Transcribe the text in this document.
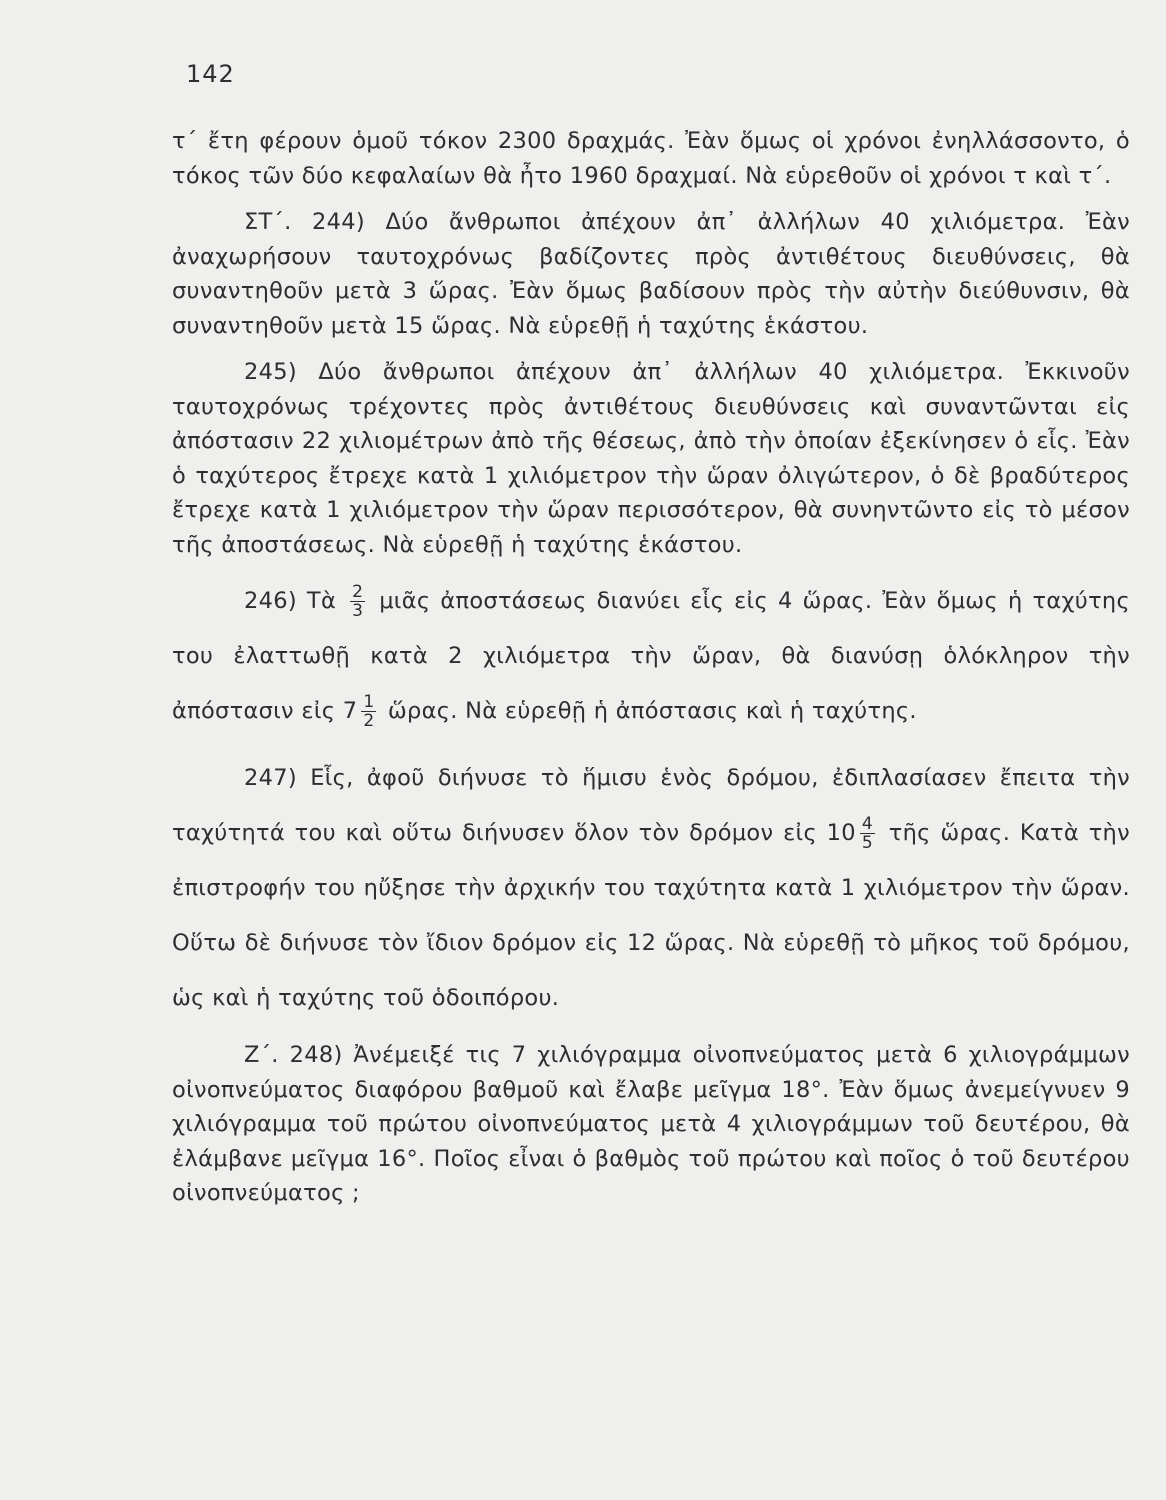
142

τ΄ ἔτη φέρουν ὁμοῦ τόκον 2300 δραχμάς. Ἐὰν ὅμως οἱ χρόνοι ἐνηλλάσσοντο, ὁ τόκος τῶν δύο κεφαλαίων θὰ ἦτο 1960 δραχμαί. Νὰ εὑρεθοῦν οἱ χρόνοι τ καὶ τ΄.

ΣΤ΄. 244) Δύο ἄνθρωποι ἀπέχουν ἀπ᾽ ἀλλήλων 40 χιλιόμετρα. Ἐὰν ἀναχωρήσουν ταυτοχρόνως βαδίζοντες πρὸς ἀντιθέτους διευθύνσεις, θὰ συναντηθοῦν μετὰ 3 ὥρας. Ἐὰν ὅμως βαδίσουν πρὸς τὴν αὐτὴν διεύθυνσιν, θὰ συναντηθοῦν μετὰ 15 ὥρας. Νὰ εὑρεθῇ ἡ ταχύτης ἑκάστου.

245) Δύο ἄνθρωποι ἀπέχουν ἀπ᾽ ἀλλήλων 40 χιλιόμετρα. Ἐκκινοῦν ταυτοχρόνως τρέχοντες πρὸς ἀντιθέτους διευθύνσεις καὶ συναντῶνται εἰς ἀπόστασιν 22 χιλιομέτρων ἀπὸ τῆς θέσεως, ἀπὸ τὴν ὁποίαν ἐξεκίνησεν ὁ εἷς. Ἐὰν ὁ ταχύτερος ἔτρεχε κατὰ 1 χιλιόμετρον τὴν ὥραν ὀλιγώτερον, ὁ δὲ βραδύτερος ἔτρεχε κατὰ 1 χιλιόμετρον τὴν ὥραν περισσότερον, θὰ συνηντῶντο εἰς τὸ μέσον τῆς ἀποστάσεως. Νὰ εὑρεθῇ ἡ ταχύτης ἑκάστου.

246) Τὰ $\frac{2}{3}$ μιᾶς ἀποστάσεως διανύει εἷς εἰς 4 ὥρας. Ἐὰν ὅμως ἡ ταχύτης του ἐλαττωθῇ κατὰ 2 χιλιόμετρα τὴν ὥραν, θὰ διανύσῃ ὁλόκληρον τὴν ἀπόστασιν εἰς $7 \frac{1}{2}$ ὥρας. Νὰ εὑρεθῇ ἡ ἀπόστασις καὶ ἡ ταχύτης.

247) Εἷς, ἀφοῦ διήνυσε τὸ ἥμισυ ἑνὸς δρόμου, ἐδιπλασίασεν ἔπειτα τὴν ταχύτητά του καὶ οὕτω διήνυσεν ὅλον τὸν δρόμον εἰς $10 \frac{4}{5}$ τῆς ὥρας. Κατὰ τὴν ἐπιστροφήν του ηὔξησε τὴν ἀρχικήν του ταχύτητα κατὰ 1 χιλιόμετρον τὴν ὥραν. Οὕτω δὲ διήνυσε τὸν ἴδιον δρόμον εἰς 12 ὥρας. Νὰ εὑρεθῇ τὸ μῆκος τοῦ δρόμου, ὡς καὶ ἡ ταχύτης τοῦ ὁδοιπόρου.

Ζ΄. 248) Ἀνέμειξέ τις 7 χιλιόγραμμα οἰνοπνεύματος μετὰ 6 χιλιογράμμων οἰνοπνεύματος διαφόρου βαθμοῦ καὶ ἔλαβε μεῖγμα 18°. Ἐὰν ὅμως ἀνεμείγνυεν 9 χιλιόγραμμα τοῦ πρώτου οἰνοπνεύματος μετὰ 4 χιλιογράμμων τοῦ δευτέρου, θὰ ἐλάμβανε μεῖγμα 16°. Ποῖος εἶναι ὁ βαθμὸς τοῦ πρώτου καὶ ποῖος ὁ τοῦ δευτέρου οἰνοπνεύματος ;
